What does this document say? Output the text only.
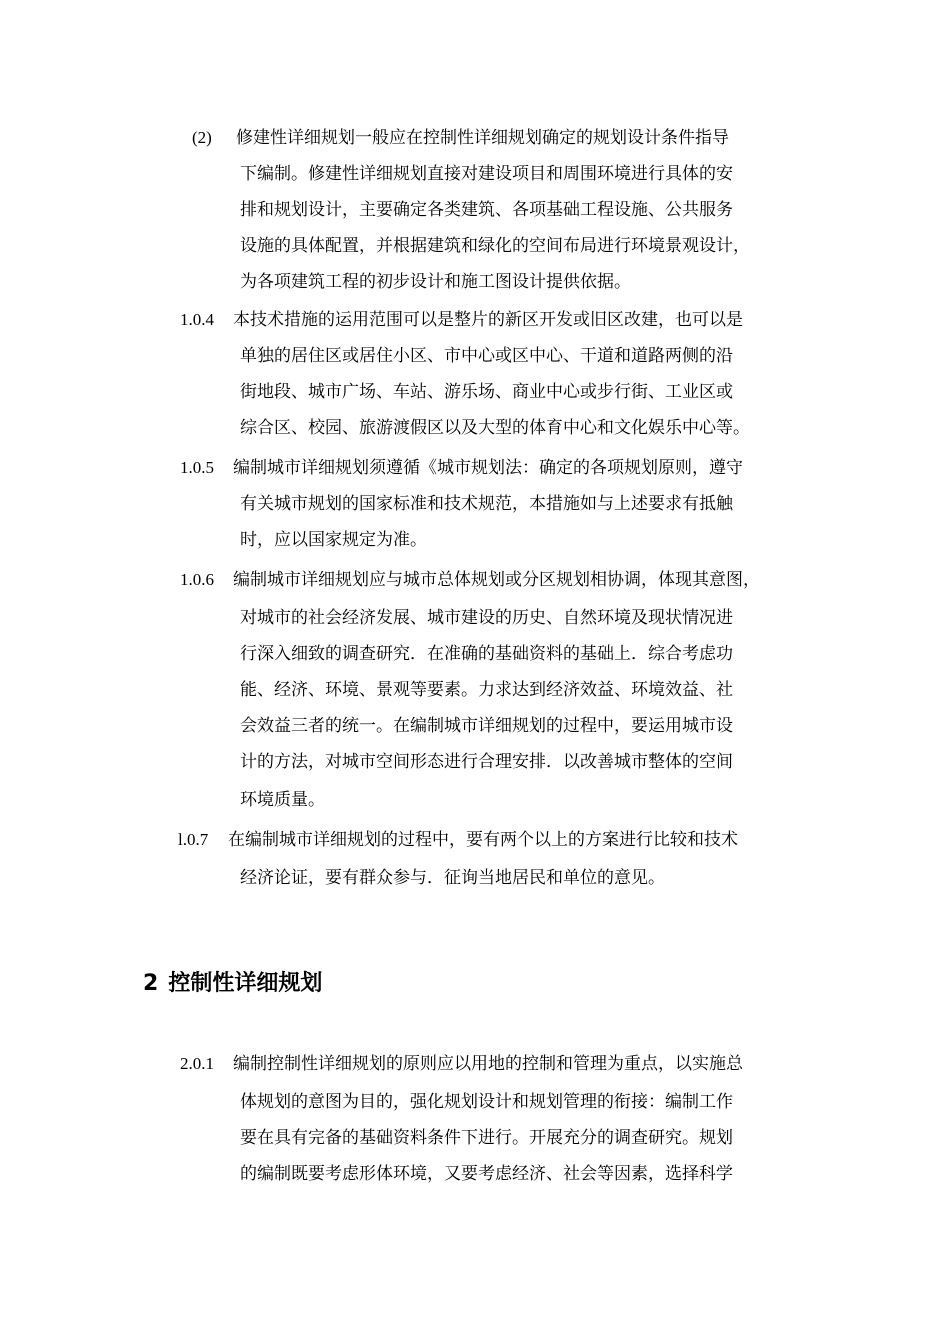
(2) 修建性详细规划一般应在控制性详细规划确定的规划设计条件指导
下编制。修建性详细规划直接对建设项目和周围环境进行具体的安
排和规划设计，主要确定各类建筑、各项基础工程设施、公共服务
设施的具体配置，并根据建筑和绿化的空间布局进行环境景观设计，
为各项建筑工程的初步设计和施工图设计提供依据。
1.0.4 本技术措施的运用范围可以是整片的新区开发或旧区改建，也可以是
单独的居住区或居住小区、市中心或区中心、干道和道路两侧的沿
街地段、城市广场、车站、游乐场、商业中心或步行街、工业区或
综合区、校园、旅游渡假区以及大型的体育中心和文化娱乐中心等。
1.0.5 编制城市详细规划须遵循《城市规划法：确定的各项规划原则，遵守
有关城市规划的国家标准和技术规范，本措施如与上述要求有抵触
时，应以国家规定为准。
1.0.6 编制城市详细规划应与城市总体规划或分区规划相协调，体现其意图，
对城市的社会经济发展、城市建设的历史、自然环境及现状情况进
行深入细致的调查研究．在准确的基础资料的基础上．综合考虑功
能、经济、环境、景观等要素。力求达到经济效益、环境效益、社
会效益三者的统一。在编制城市详细规划的过程中，要运用城市设
计的方法，对城市空间形态进行合理安排．以改善城市整体的空间
环境质量。
l.0.7 在编制城市详细规划的过程中，要有两个以上的方案进行比较和技术
经济论证，要有群众参与．征询当地居民和单位的意见。
2 控制性详细规划
2.0.1 编制控制性详细规划的原则应以用地的控制和管理为重点，以实施总
体规划的意图为目的，强化规划设计和规划管理的衔接：编制工作
要在具有完备的基础资料条件下进行。开展充分的调查研究。规划
的编制既要考虑形体环境，又要考虑经济、社会等因素，选择科学
